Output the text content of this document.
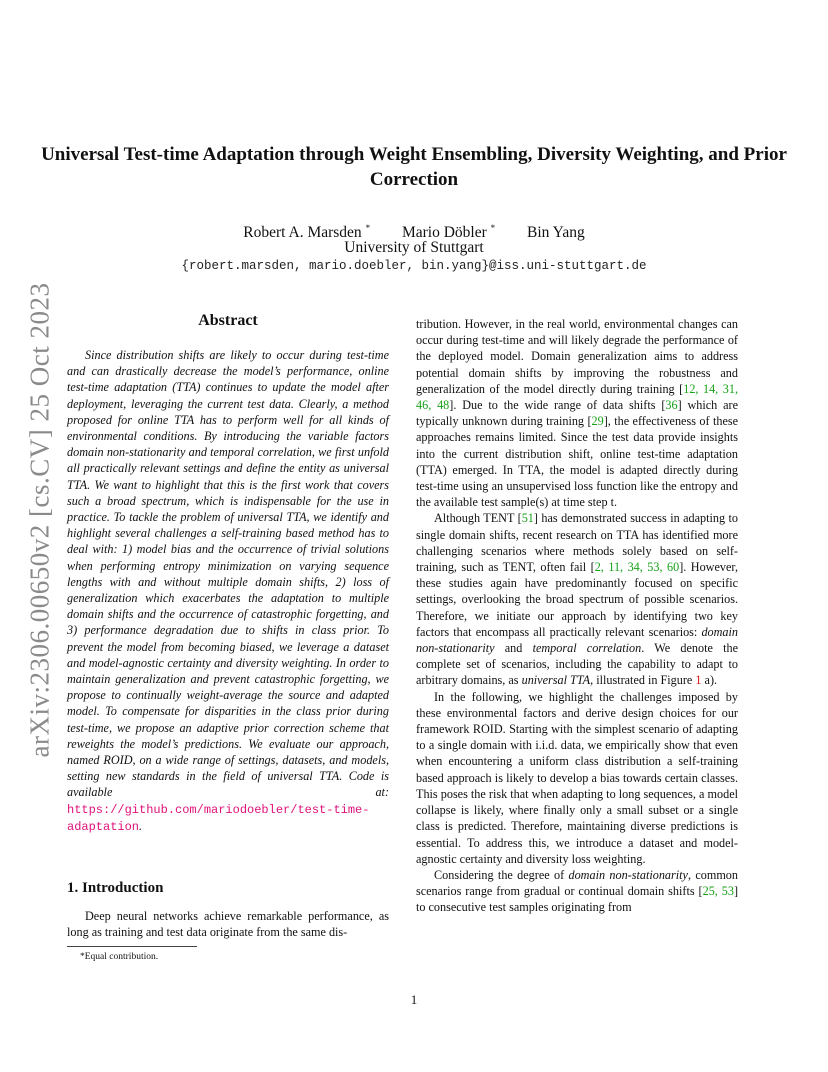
arXiv:2306.00650v2 [cs.CV] 25 Oct 2023
Universal Test-time Adaptation through Weight Ensembling, Diversity Weighting, and Prior Correction
Robert A. Marsden * Mario Döbler * Bin Yang
University of Stuttgart
{robert.marsden, mario.doebler, bin.yang}@iss.uni-stuttgart.de
Abstract
Since distribution shifts are likely to occur during test-time and can drastically decrease the model’s performance, online test-time adaptation (TTA) continues to update the model after deployment, leveraging the current test data. Clearly, a method proposed for online TTA has to perform well for all kinds of environmental conditions. By introducing the variable factors domain non-stationarity and temporal correlation, we first unfold all practically relevant settings and define the entity as universal TTA. We want to highlight that this is the first work that covers such a broad spectrum, which is indispensable for the use in practice. To tackle the problem of universal TTA, we identify and highlight several challenges a self-training based method has to deal with: 1) model bias and the occurrence of trivial solutions when performing entropy minimization on varying sequence lengths with and without multiple domain shifts, 2) loss of generalization which exacerbates the adaptation to multiple domain shifts and the occurrence of catastrophic forgetting, and 3) performance degradation due to shifts in class prior. To prevent the model from becoming biased, we leverage a dataset and model-agnostic certainty and diversity weighting. In order to maintain generalization and prevent catastrophic forgetting, we propose to continually weight-average the source and adapted model. To compensate for disparities in the class prior during test-time, we propose an adaptive prior correction scheme that reweights the model’s predictions. We evaluate our approach, named ROID, on a wide range of settings, datasets, and models, setting new standards in the field of universal TTA. Code is available at: https://github.com/mariodoebler/test-time-adaptation.
1. Introduction
Deep neural networks achieve remarkable performance, as long as training and test data originate from the same dis-
*Equal contribution.

tribution. However, in the real world, environmental changes can occur during test-time and will likely degrade the performance of the deployed model. Domain generalization aims to address potential domain shifts by improving the robustness and generalization of the model directly during training [12, 14, 31, 46, 48]. Due to the wide range of data shifts [36] which are typically unknown during training [29], the effectiveness of these approaches remains limited. Since the test data provide insights into the current distribution shift, online test-time adaptation (TTA) emerged. In TTA, the model is adapted directly during test-time using an unsupervised loss function like the entropy and the available test sample(s) at time step t.

Although TENT [51] has demonstrated success in adapting to single domain shifts, recent research on TTA has identified more challenging scenarios where methods solely based on self-training, such as TENT, often fail [2, 11, 34, 53, 60]. However, these studies again have predominantly focused on specific settings, overlooking the broad spectrum of possible scenarios. Therefore, we initiate our approach by identifying two key factors that encompass all practically relevant scenarios: domain non-stationarity and temporal correlation. We denote the complete set of scenarios, including the capability to adapt to arbitrary domains, as universal TTA, illustrated in Figure 1 a).

In the following, we highlight the challenges imposed by these environmental factors and derive design choices for our framework ROID. Starting with the simplest scenario of adapting to a single domain with i.i.d. data, we empirically show that even when encountering a uniform class distribution a self-training based approach is likely to develop a bias towards certain classes. This poses the risk that when adapting to long sequences, a model collapse is likely, where finally only a small subset or a single class is predicted. Therefore, maintaining diverse predictions is essential. To address this, we introduce a dataset and model-agnostic certainty and diversity loss weighting.

Considering the degree of domain non-stationarity, common scenarios range from gradual or continual domain shifts [25, 53] to consecutive test samples originating from

1
